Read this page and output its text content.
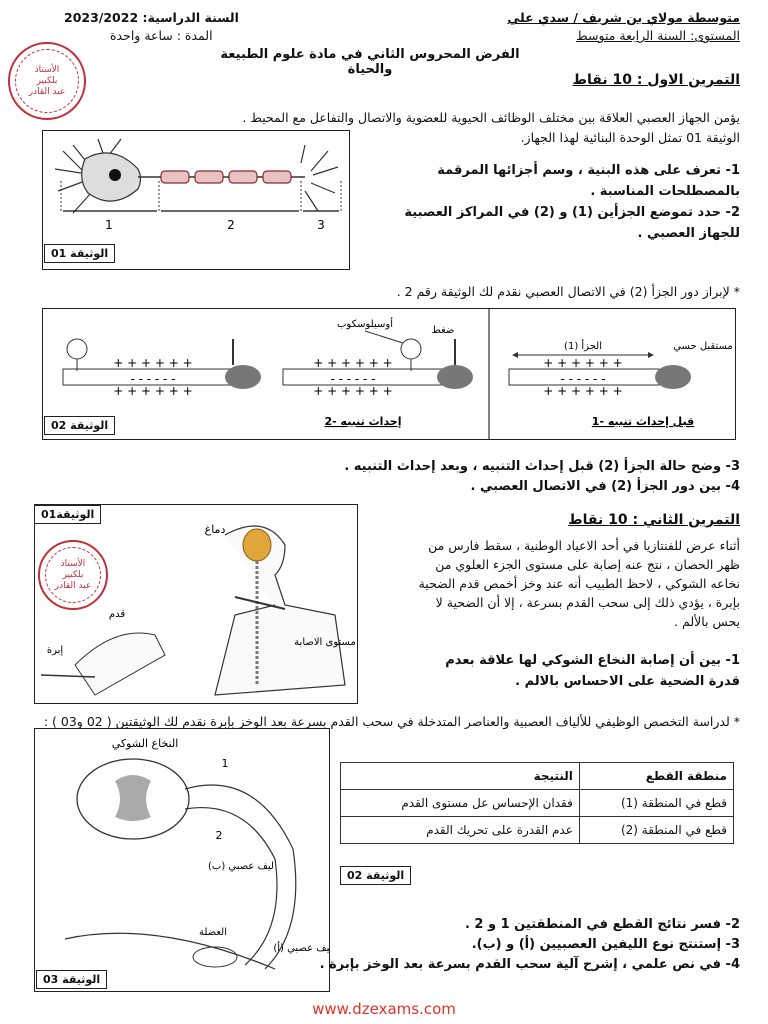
متوسطة مولاي بن شريف / سدي علي
السنة الدراسية: 2023/2022
المستوى: السنة الرابعة متوسط
المدة : ساعة واحدة
الفرض المحروس الثاني في مادة علوم الطبيعة والحياة
الأستاذ
بلكبير
عبد القادر
التمرين الاول : 10 نقاط
يؤمن الجهاز العصبي العلاقة بين مختلف الوظائف الحيوية للعضوية والاتصال والتفاعل مع المحيط .
الوثيقة 01 تمثل الوحدة البنائية لهذا الجهاز.
1	2	3
الوثيقة 01
1- تعرف على هذه البنية ، وسم أجزائها المرقمة بالمصطلحات المناسبة .
2- حدد تموضع الجزأين (1) و (2) في المراكز العصبية للجهاز العصبي .
* لإبراز دور الجزأ (2) في الاتصال العصبي نقدم لك الوثيقة رقم 2 .
الجزأ (1)	مستقبل حسي
+ + + + + +
- - - - - -
+ + + + + +
ضغط
أوسيلوسكوب
+ + + + + +
- - - - - -
+ + + + + +
+ + + + + +
- - - - - -
+ + + + + +
2- إحداث تنبيه	1- قبل إحداث تنبيه
الوثيقة 02
3- وضح حالة الجزأ (2) قبل إحداث التنبيه ، وبعد إحداث التنبيه .
4- بين دور الجزأ (2) في الاتصال العصبي .
التمرين الثاني : 10 نقاط
أثناء عرض للفنتازيا في أحد الاعياد الوطنية ، سقط فارس من ظهر الحصان ، نتج عنه إصابة على مستوى الجزء العلوي من نخاعه الشوكي ، لاحظ الطبيب أنه عند وخز أخمص قدم الضحية بإبرة ، يؤدي ذلك إلى سحب القدم بسرعة ، إلا أن الضحية لا يحس بالألم .
1- بين أن إصابة النخاع الشوكي لها علاقة بعدم قدرة الضحية على الاحساس بالالم .
دماغ
مستوى الاصابة
قدم
إبرة
الوثيقة01
الأستاذ
بلكبير
عبد القادر
* لدراسة التخصص الوظيفي للألياف العصبية والعناصر المتدخلة في سحب القدم بسرعة بعد الوخز بإبرة نقدم لك الوثيقتين ( 02 و03 ) :
النخاع الشوكي
1
2
ليف عصبي (ب)
العضلة
ليف عصبي (أ)
الوثيقة 03
منطقة القطع	النتيجة
قطع في المنطقة (1)	فقدان الإحساس عل مستوى القدم
قطع في المنطقة (2)	عدم القدرة على تحريك القدم
الوثيقة 02
2- فسر نتائج القطع في المنطقتين 1 و 2 .
3- إستنتج نوع الليفين العصبيين (أ) و (ب).
4- في نص علمي ، إشرح آلية سحب القدم بسرعة بعد الوخز بإبرة .
www.dzexams.com
